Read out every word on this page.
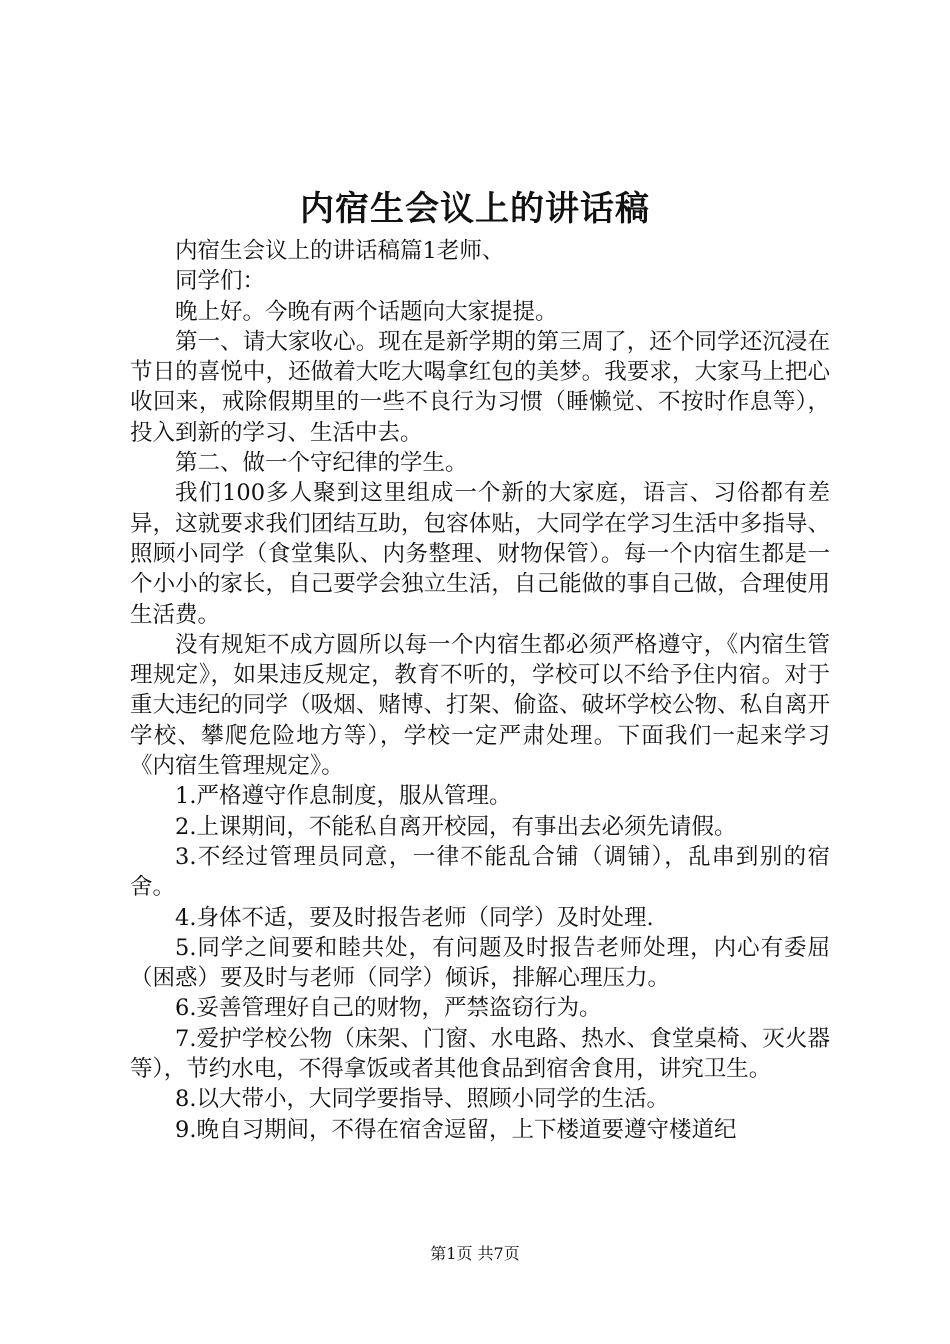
内宿生会议上的讲话稿

内宿生会议上的讲话稿篇1老师、

同学们：

晚上好。今晚有两个话题向大家提提。

第一、请大家收心。现在是新学期的第三周了，还个同学还沉浸在节日的喜悦中，还做着大吃大喝拿红包的美梦。我要求，大家马上把心收回来，戒除假期里的一些不良行为习惯（睡懒觉、不按时作息等），投入到新的学习、生活中去。

第二、做一个守纪律的学生。

我们100多人聚到这里组成一个新的大家庭，语言、习俗都有差异，这就要求我们团结互助，包容体贴，大同学在学习生活中多指导、照顾小同学（食堂集队、内务整理、财物保管）。每一个内宿生都是一个小小的家长，自己要学会独立生活，自己能做的事自己做，合理使用生活费。

没有规矩不成方圆所以每一个内宿生都必须严格遵守，《内宿生管理规定》，如果违反规定，教育不听的，学校可以不给予住内宿。对于重大违纪的同学（吸烟、赌博、打架、偷盗、破坏学校公物、私自离开学校、攀爬危险地方等），学校一定严肃处理。下面我们一起来学习《内宿生管理规定》。

1.严格遵守作息制度，服从管理。

2.上课期间，不能私自离开校园，有事出去必须先请假。

3.不经过管理员同意，一律不能乱合铺（调铺），乱串到别的宿舍。

4.身体不适，要及时报告老师（同学）及时处理.

5.同学之间要和睦共处，有问题及时报告老师处理，内心有委屈（困惑）要及时与老师（同学）倾诉，排解心理压力。

6.妥善管理好自己的财物，严禁盗窃行为。

7.爱护学校公物（床架、门窗、水电路、热水、食堂桌椅、灭火器等），节约水电，不得拿饭或者其他食品到宿舍食用，讲究卫生。

8.以大带小，大同学要指导、照顾小同学的生活。

9.晚自习期间，不得在宿舍逗留，上下楼道要遵守楼道纪

第1页 共7页
